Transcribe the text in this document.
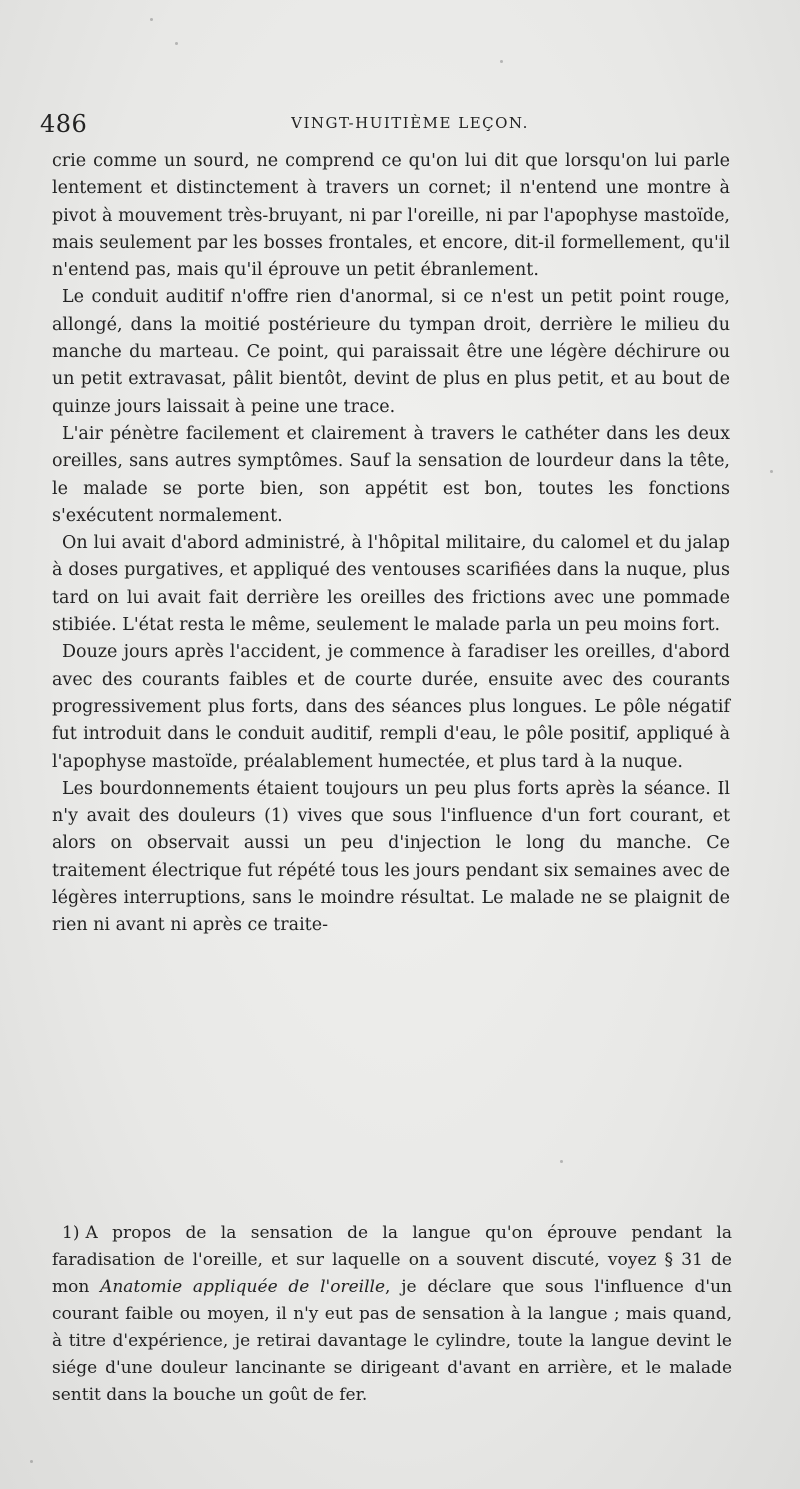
486	VINGT-HUITIÈME LEÇON.

crie comme un sourd, ne comprend ce qu'on lui dit que lorsqu'on lui parle lentement et distinctement à travers un cornet; il n'entend une montre à pivot à mouvement très-bruyant, ni par l'oreille, ni par l'apophyse mastoïde, mais seulement par les bosses frontales, et encore, dit-il formellement, qu'il n'entend pas, mais qu'il éprouve un petit ébranlement.

Le conduit auditif n'offre rien d'anormal, si ce n'est un petit point rouge, allongé, dans la moitié postérieure du tympan droit, derrière le milieu du manche du marteau. Ce point, qui paraissait être une légère déchirure ou un petit extravasat, pâlit bientôt, devint de plus en plus petit, et au bout de quinze jours laissait à peine une trace.

L'air pénètre facilement et clairement à travers le cathéter dans les deux oreilles, sans autres symptômes. Sauf la sensation de lourdeur dans la tête, le malade se porte bien, son appétit est bon, toutes les fonctions s'exécutent normalement.

On lui avait d'abord administré, à l'hôpital militaire, du calomel et du jalap à doses purgatives, et appliqué des ventouses scarifiées dans la nuque, plus tard on lui avait fait derrière les oreilles des frictions avec une pommade stibiée. L'état resta le même, seulement le malade parla un peu moins fort.

Douze jours après l'accident, je commence à faradiser les oreilles, d'abord avec des courants faibles et de courte durée, ensuite avec des courants progressivement plus forts, dans des séances plus longues. Le pôle négatif fut introduit dans le conduit auditif, rempli d'eau, le pôle positif, appliqué à l'apophyse mastoïde, préalablement humectée, et plus tard à la nuque.

Les bourdonnements étaient toujours un peu plus forts après la séance. Il n'y avait des douleurs (1) vives que sous l'influence d'un fort courant, et alors on observait aussi un peu d'injection le long du manche. Ce traitement électrique fut répété tous les jours pendant six semaines avec de légères interruptions, sans le moindre résultat. Le malade ne se plaignit de rien ni avant ni après ce traite-

1) A propos de la sensation de la langue qu'on éprouve pendant la faradisation de l'oreille, et sur laquelle on a souvent discuté, voyez § 31 de mon Anatomie appliquée de l'oreille, je déclare que sous l'influence d'un courant faible ou moyen, il n'y eut pas de sensation à la langue ; mais quand, à titre d'expérience, je retirai davantage le cylindre, toute la langue devint le siége d'une douleur lancinante se dirigeant d'avant en arrière, et le malade sentit dans la bouche un goût de fer.
